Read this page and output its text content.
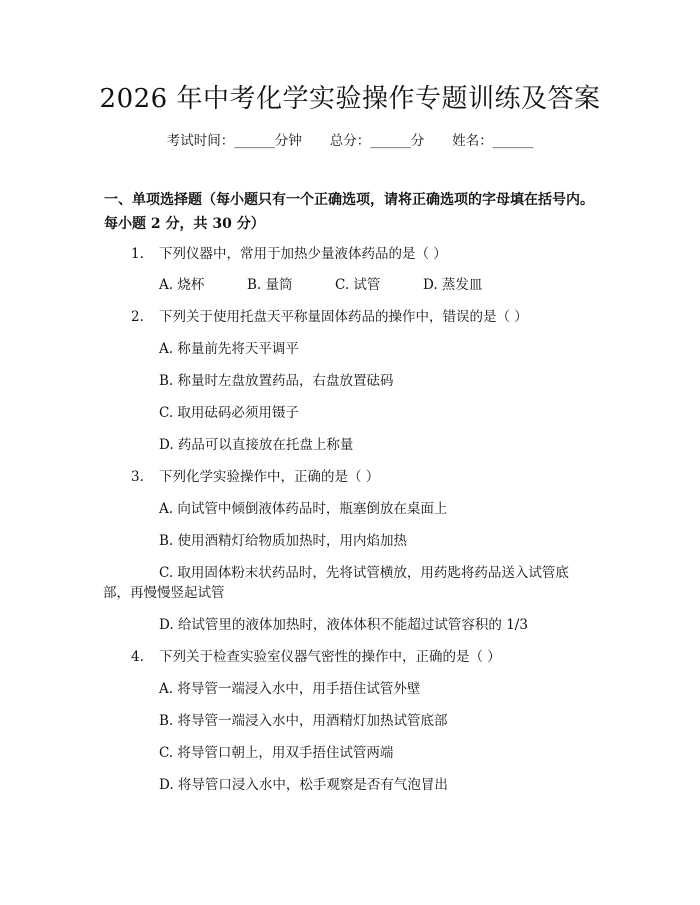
2026 年中考化学实验操作专题训练及答案
考试时间：______分钟 总分：______分 姓名：______
一、单项选择题（每小题只有一个正确选项，请将正确选项的字母填在括号内。
每小题 2 分，共 30 分）
1. 下列仪器中，常用于加热少量液体药品的是（ ）
A. 烧杯	B. 量筒	C. 试管	D. 蒸发皿
2. 下列关于使用托盘天平称量固体药品的操作中，错误的是（ ）
A. 称量前先将天平调平
B. 称量时左盘放置药品，右盘放置砝码
C. 取用砝码必须用镊子
D. 药品可以直接放在托盘上称量
3. 下列化学实验操作中，正确的是（ ）
A. 向试管中倾倒液体药品时，瓶塞倒放在桌面上
B. 使用酒精灯给物质加热时，用内焰加热
C. 取用固体粉末状药品时，先将试管横放，用药匙将药品送入试管底
部，再慢慢竖起试管
D. 给试管里的液体加热时，液体体积不能超过试管容积的 1/3
4. 下列关于检查实验室仪器气密性的操作中，正确的是（ ）
A. 将导管一端浸入水中，用手捂住试管外壁
B. 将导管一端浸入水中，用酒精灯加热试管底部
C. 将导管口朝上，用双手捂住试管两端
D. 将导管口浸入水中，松手观察是否有气泡冒出
